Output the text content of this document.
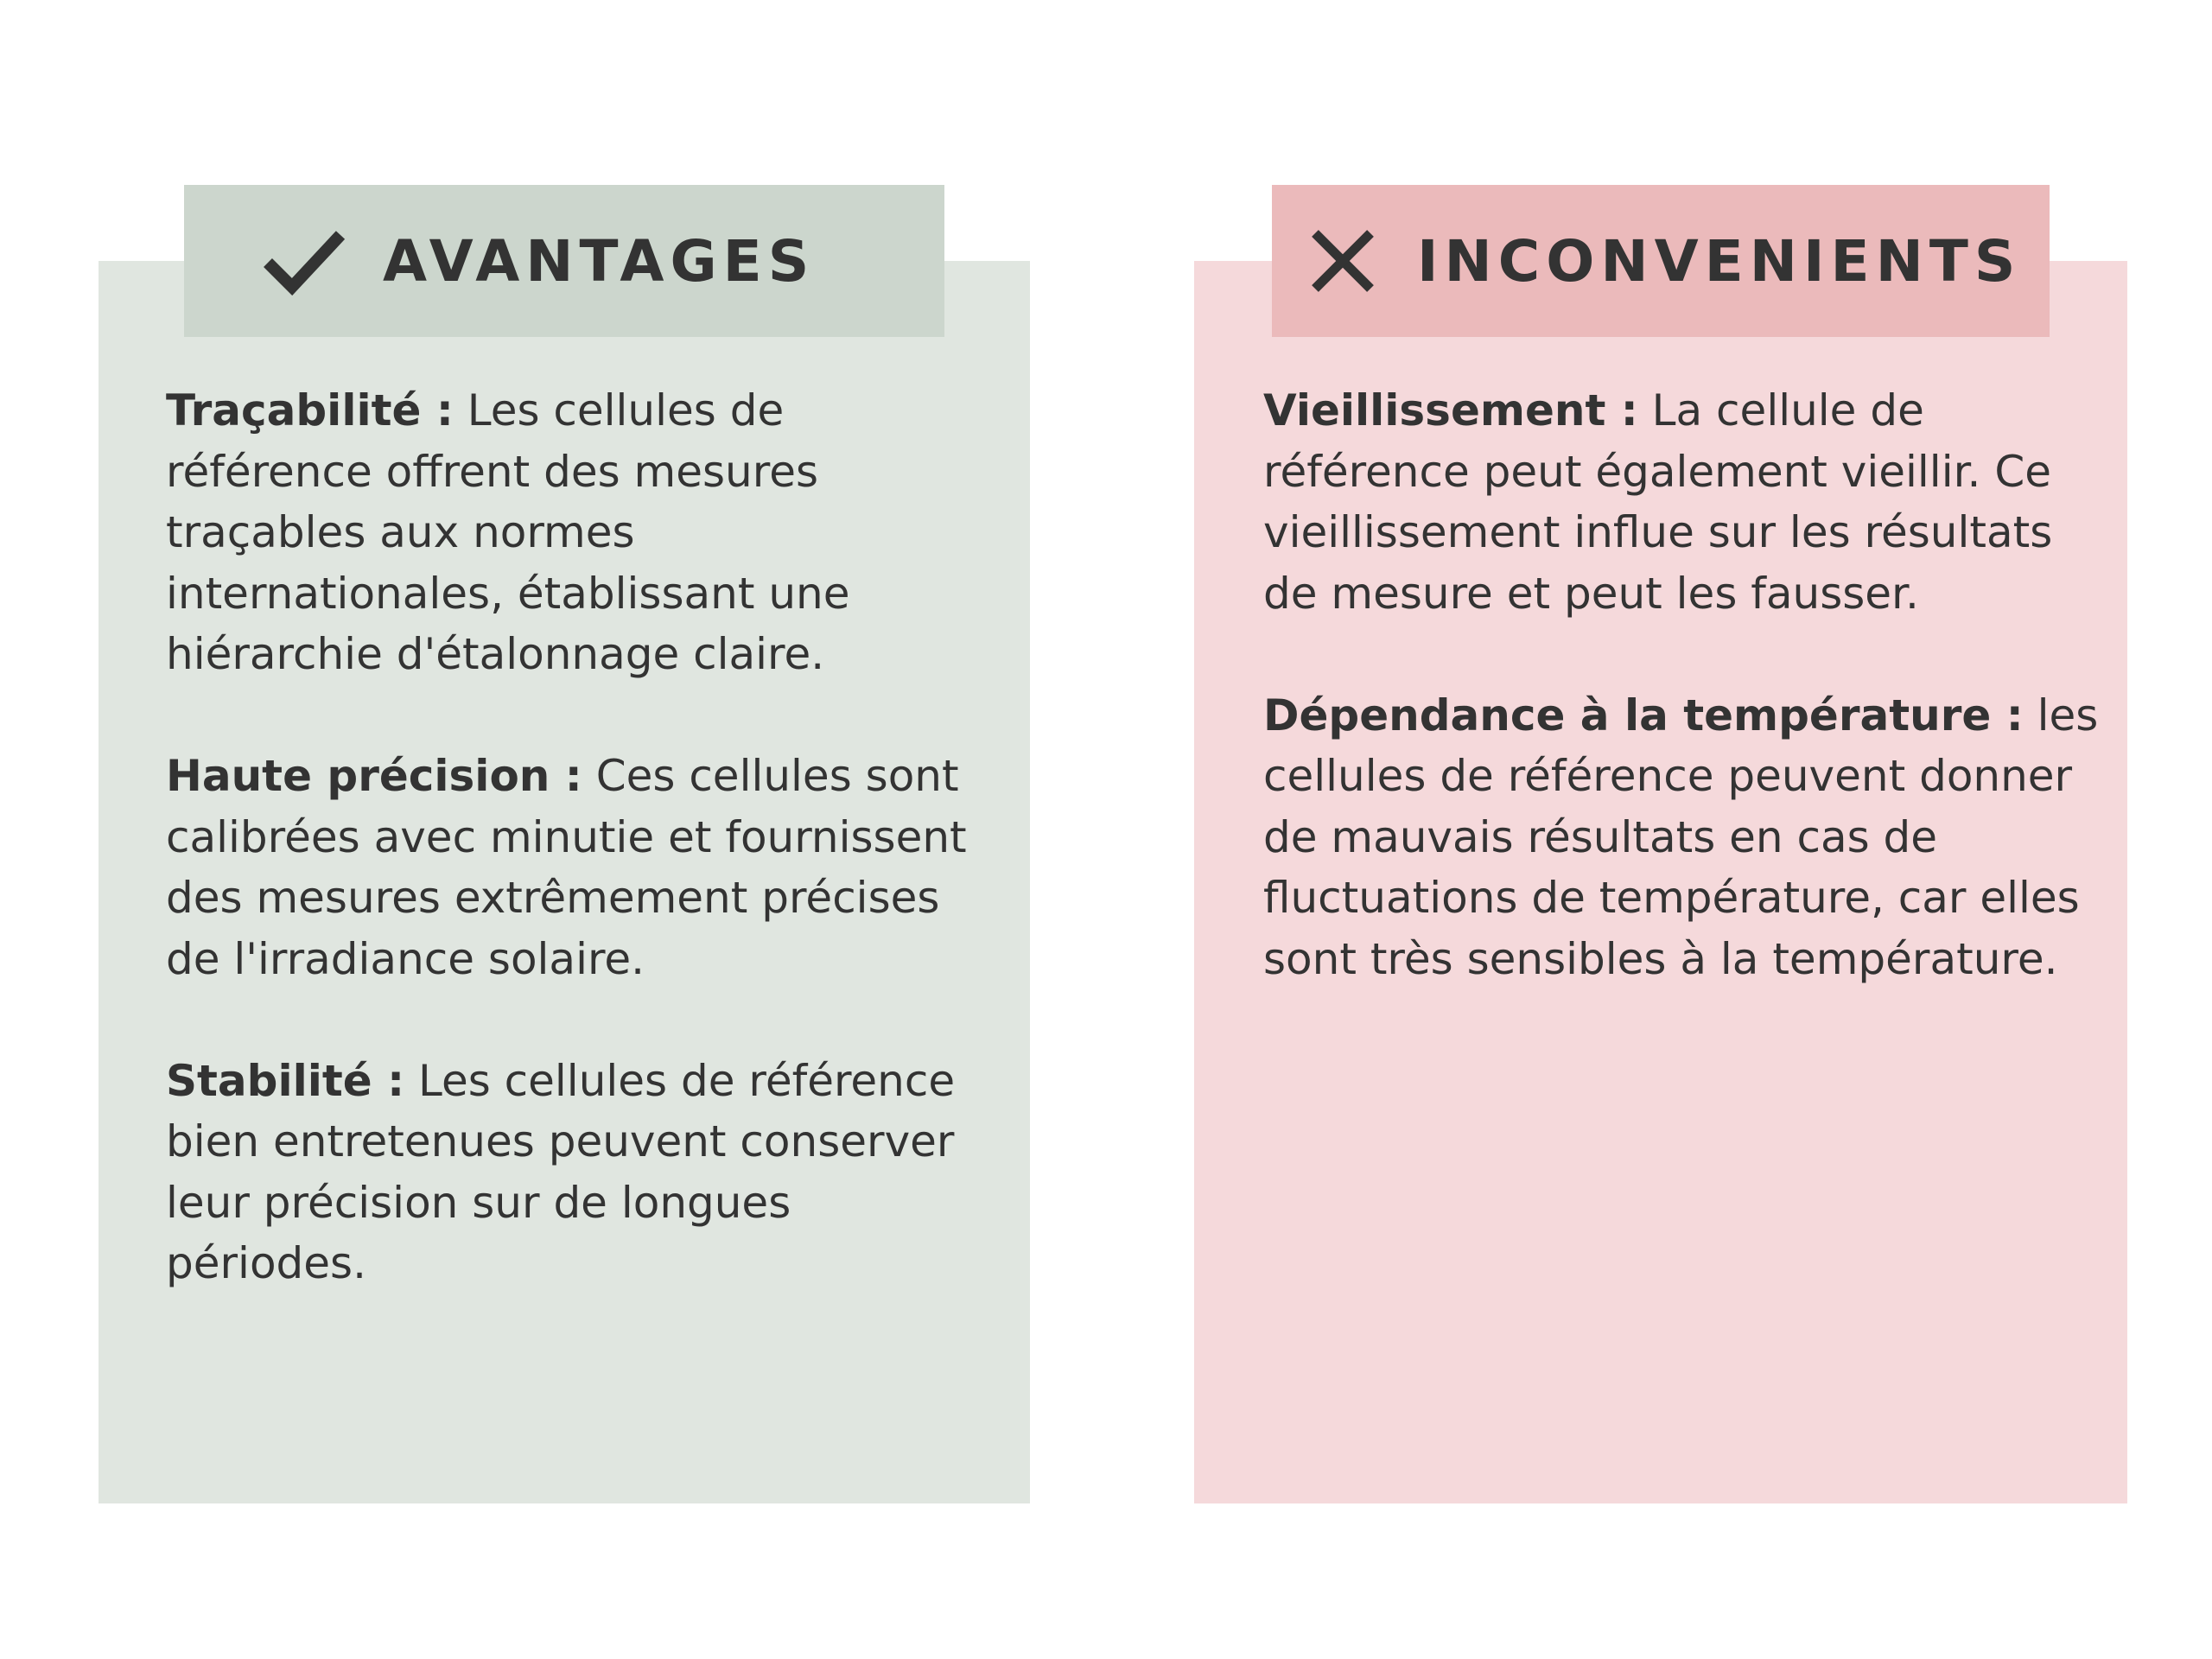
AVANTAGES	INCONVENIENTS

Traçabilité : Les cellules de référence offrent des mesures traçables aux normes internationales, établissant une hiérarchie d'étalonnage claire.

Haute précision : Ces cellules sont calibrées avec minutie et fournissent des mesures extrêmement précises de l'irradiance solaire.

Stabilité : Les cellules de référence bien entretenues peuvent conserver leur précision sur de longues périodes.

Vieillissement : La cellule de référence peut également vieillir. Ce vieillissement influe sur les résultats de mesure et peut les fausser.

Dépendance à la température : les cellules de référence peuvent donner de mauvais résultats en cas de fluctuations de température, car elles sont très sensibles à la température.
